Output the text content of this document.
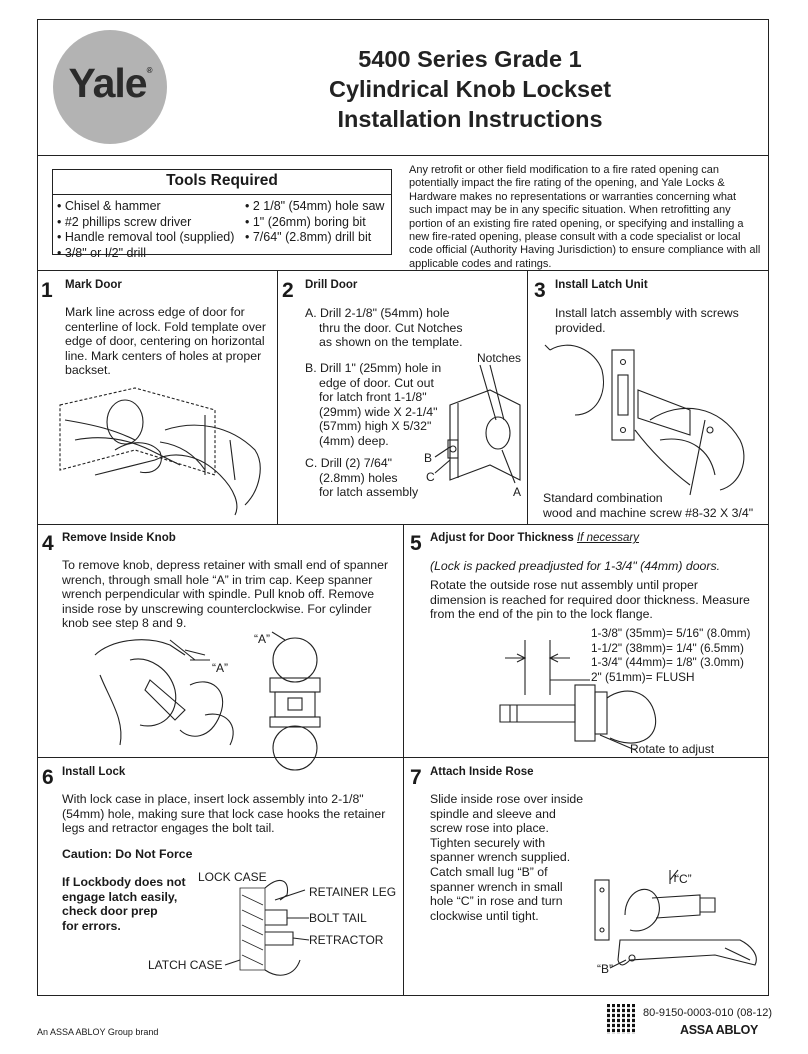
Yale®	5400 Series Grade 1
Cylindrical Knob Lockset
Installation Instructions
Tools Required
• Chisel & hammer
• #2 phillips screw driver
• Handle removal tool (supplied)
• 3/8" or I/2" drill
• 2 1/8" (54mm) hole saw
• 1" (26mm) boring bit
• 7/64" (2.8mm) drill bit
Any retrofit or other field modification to a fire rated opening can potentially impact the fire rating of the opening, and Yale Locks & Hardware makes no representations or warranties concerning what such impact may be in any specific situation. When retrofitting any portion of an existing fire rated opening, or specifying and installing a new fire-rated opening, please consult with a code specialist or local code official (Authority Having Jurisdiction) to ensure compliance with all applicable codes and ratings.
1 Mark Door
Mark line across edge of door for centerline of lock. Fold template over edge of door, centering on horizontal line. Mark centers of holes at proper backset.
2 Drill Door
A. Drill 2-1/8" (54mm) hole
thru the door. Cut Notches
as shown on the template.
B. Drill 1" (25mm) hole in
edge of door. Cut out
for latch front 1-1/8"
(29mm) wide X 2-1/4"
(57mm) high X 5/32"
(4mm) deep.
C. Drill (2) 7/64"
(2.8mm) holes
for latch assembly
Notches
B
C
A
3 Install Latch Unit
Install latch assembly with screws provided.
Standard combination
wood and machine screw #8-32 X 3/4"
4 Remove Inside Knob
To remove knob, depress retainer with small end of spanner wrench, through small hole “A” in trim cap. Keep spanner wrench perpendicular with spindle. Pull knob off. Remove inside rose by unscrewing counterclockwise. For cylinder knob see step 8 and 9.
“A”
“A”
5 Adjust for Door Thickness If necessary
(Lock is packed preadjusted for 1-3/4" (44mm) doors.
Rotate the outside rose nut assembly until proper dimension is reached for required door thickness. Measure from the end of the pin to the lock flange.
1-3/8" (35mm)= 5/16" (8.0mm)
1-1/2" (38mm)= 1/4" (6.5mm)
1-3/4" (44mm)= 1/8" (3.0mm)
2" (51mm)= FLUSH
Rotate to adjust
6 Install Lock
With lock case in place, insert lock assembly into 2-1/8" (54mm) hole, making sure that lock case hooks the retainer legs and retractor engages the bolt tail.
Caution: Do Not Force
If Lockbody does not
engage latch easily,
check door prep
for errors.
LOCK CASE
RETAINER LEG
BOLT TAIL
RETRACTOR
LATCH CASE
7 Attach Inside Rose
Slide inside rose over inside
spindle and sleeve and
screw rose into place.
Tighten securely with
spanner wrench supplied.
Catch small lug “B” of
spanner wrench in small
hole “C” in rose and turn
clockwise until tight.
“C”
“B”
An ASSA ABLOY Group brand
80-9150-0003-010 (08-12)
ASSA ABLOY
